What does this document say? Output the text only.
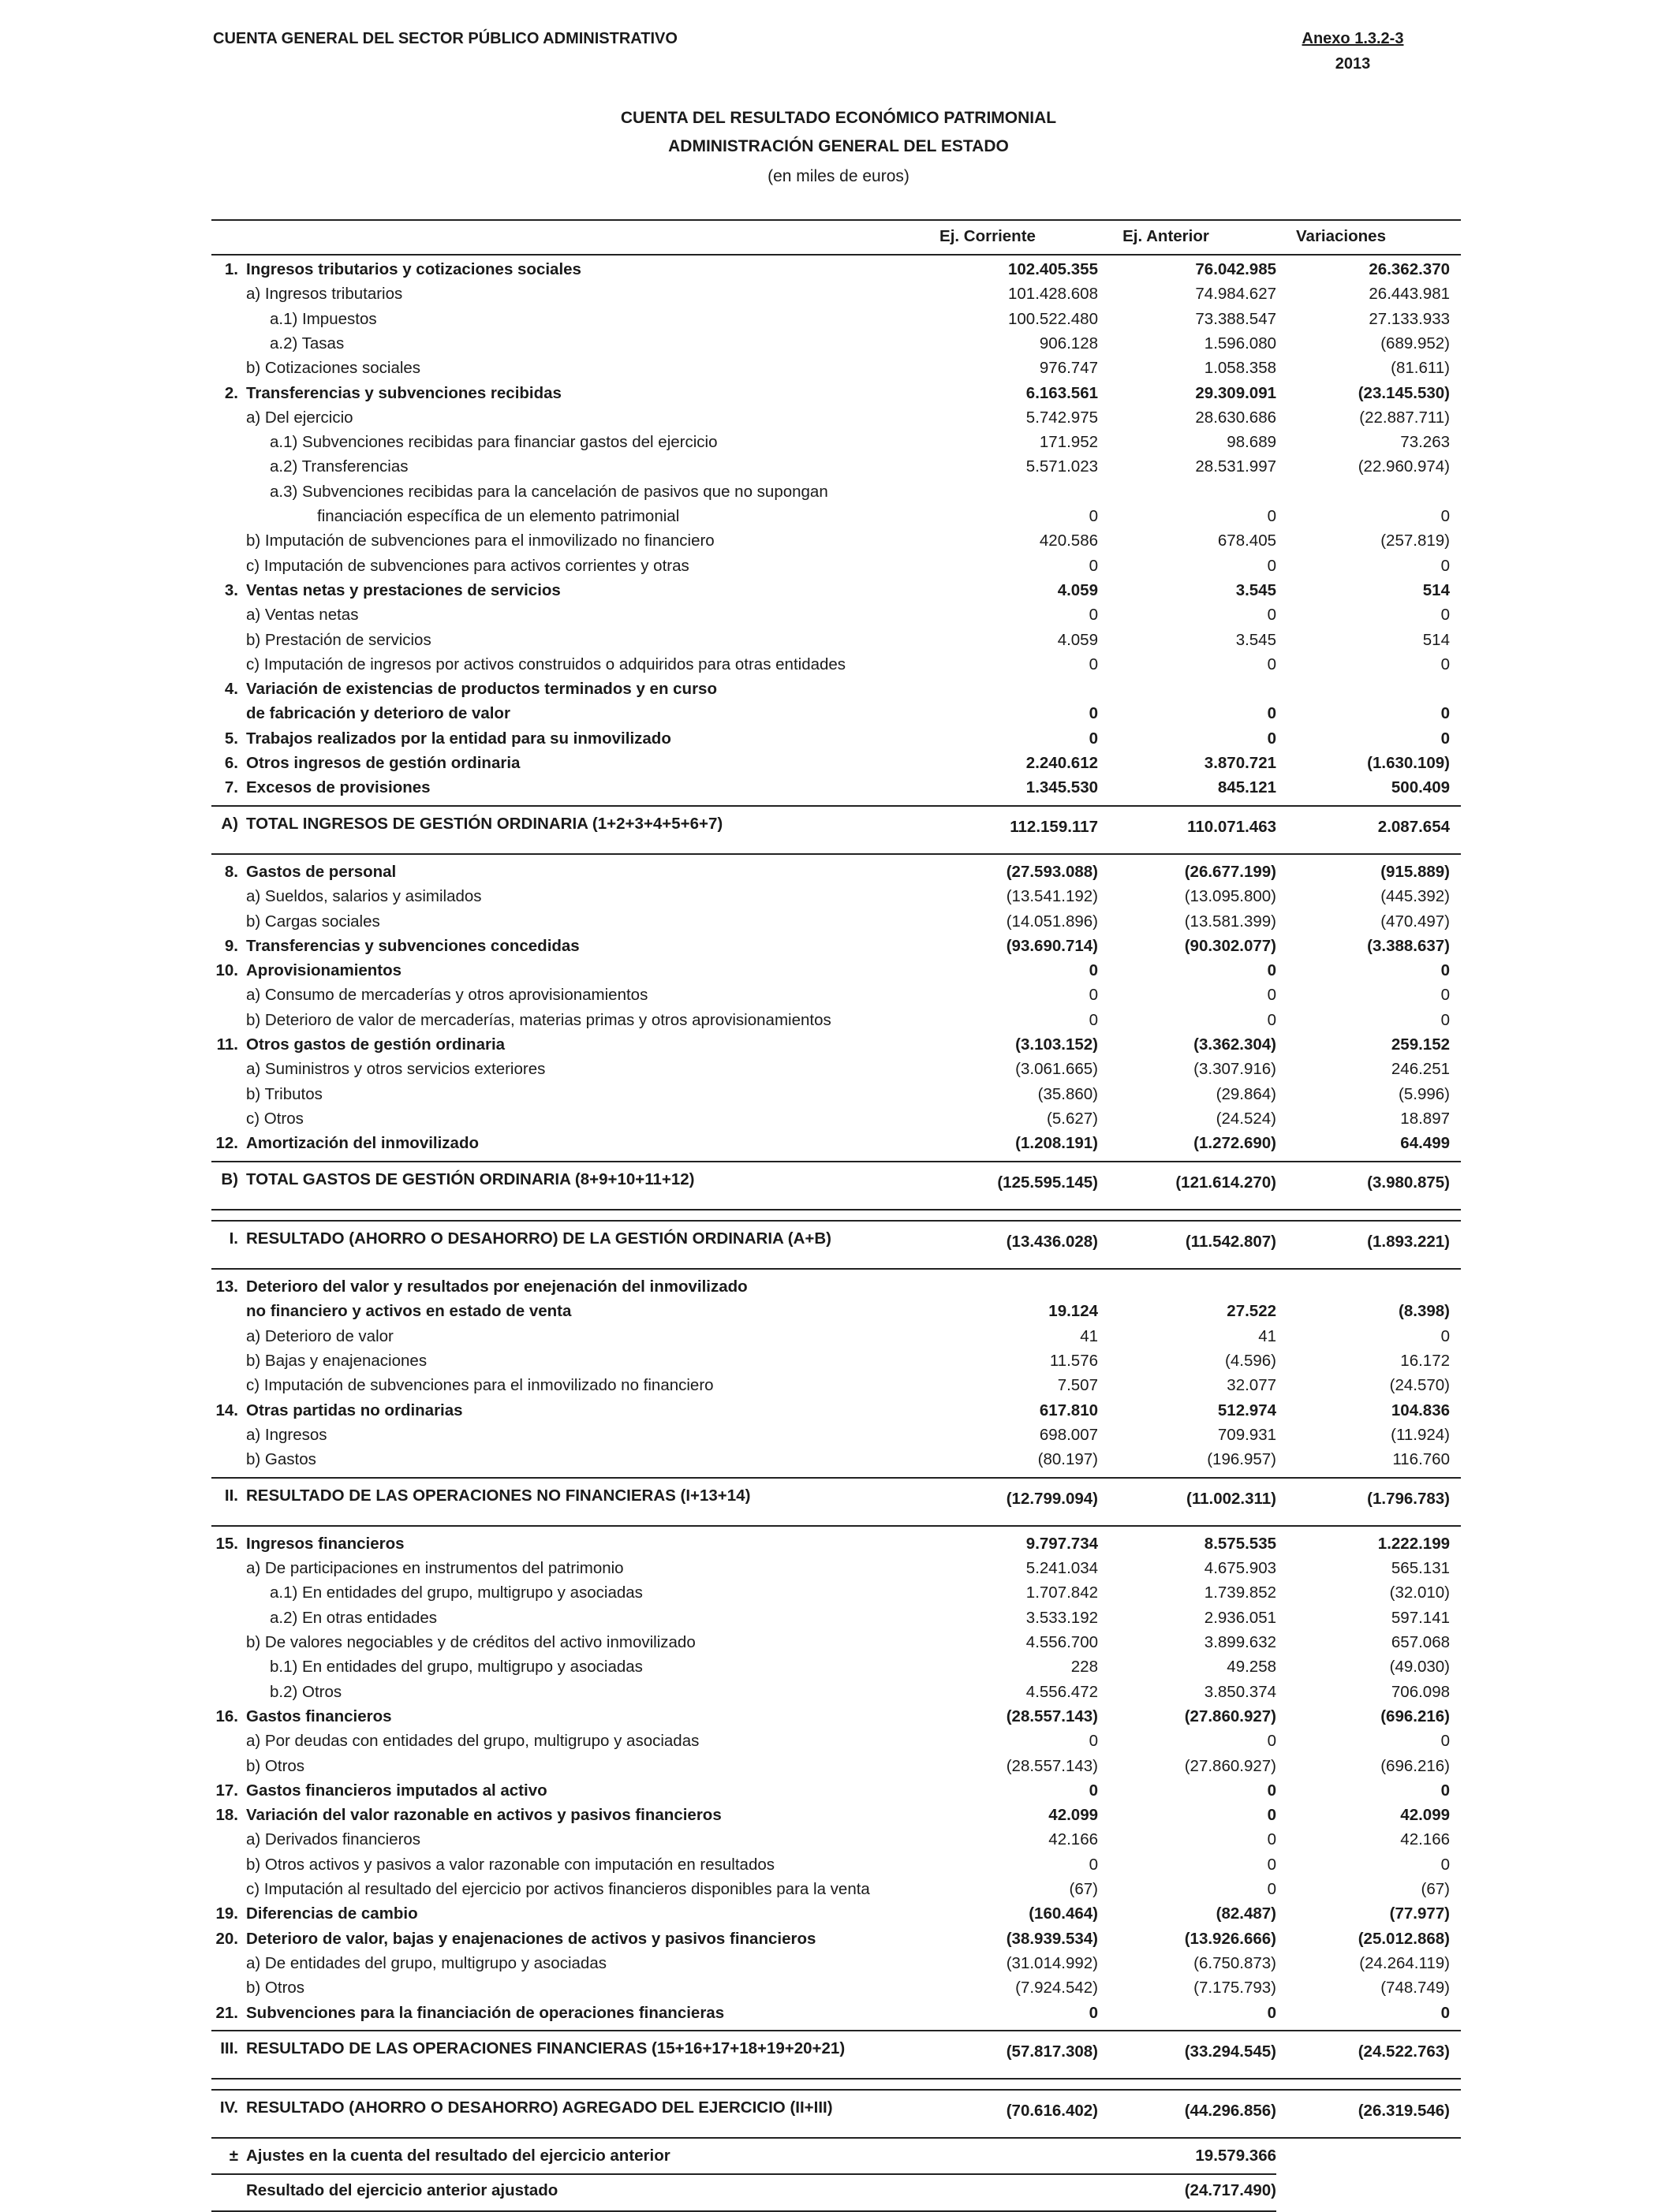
CUENTA GENERAL DEL SECTOR PÚBLICO ADMINISTRATIVO	Anexo 1.3.2-3
2013
CUENTA DEL RESULTADO ECONÓMICO PATRIMONIAL
ADMINISTRACIÓN GENERAL DEL ESTADO
(en miles de euros)
Ej. Corriente	Ej. Anterior	Variaciones
1. Ingresos tributarios y cotizaciones sociales	102.405.355	76.042.985	26.362.370
a) Ingresos tributarios	101.428.608	74.984.627	26.443.981
a.1) Impuestos	100.522.480	73.388.547	27.133.933
a.2) Tasas	906.128	1.596.080	(689.952)
b) Cotizaciones sociales	976.747	1.058.358	(81.611)
2. Transferencias y subvenciones recibidas	6.163.561	29.309.091	(23.145.530)
a) Del ejercicio	5.742.975	28.630.686	(22.887.711)
a.1) Subvenciones recibidas para financiar gastos del ejercicio	171.952	98.689	73.263
a.2) Transferencias	5.571.023	28.531.997	(22.960.974)
a.3) Subvenciones recibidas para la cancelación de pasivos que no supongan
financiación específica de un elemento patrimonial	0	0	0
b) Imputación de subvenciones para el inmovilizado no financiero	420.586	678.405	(257.819)
c) Imputación de subvenciones para activos corrientes y otras	0	0	0
3. Ventas netas y prestaciones de servicios	4.059	3.545	514
a) Ventas netas	0	0	0
b) Prestación de servicios	4.059	3.545	514
c) Imputación de ingresos por activos construidos o adquiridos para otras entidades	0	0	0
4. Variación de existencias de productos terminados y en curso
de fabricación y deterioro de valor	0	0	0
5. Trabajos realizados por la entidad para su inmovilizado	0	0	0
6. Otros ingresos de gestión ordinaria	2.240.612	3.870.721	(1.630.109)
7. Excesos de provisiones	1.345.530	845.121	500.409
A) TOTAL INGRESOS DE GESTIÓN ORDINARIA (1+2+3+4+5+6+7)	112.159.117	110.071.463	2.087.654
8. Gastos de personal	(27.593.088)	(26.677.199)	(915.889)
a) Sueldos, salarios y asimilados	(13.541.192)	(13.095.800)	(445.392)
b) Cargas sociales	(14.051.896)	(13.581.399)	(470.497)
9. Transferencias y subvenciones concedidas	(93.690.714)	(90.302.077)	(3.388.637)
10. Aprovisionamientos	0	0	0
a) Consumo de mercaderías y otros aprovisionamientos	0	0	0
b) Deterioro de valor de mercaderías, materias primas y otros aprovisionamientos	0	0	0
11. Otros gastos de gestión ordinaria	(3.103.152)	(3.362.304)	259.152
a) Suministros y otros servicios exteriores	(3.061.665)	(3.307.916)	246.251
b) Tributos	(35.860)	(29.864)	(5.996)
c) Otros	(5.627)	(24.524)	18.897
12. Amortización del inmovilizado	(1.208.191)	(1.272.690)	64.499
B) TOTAL GASTOS DE GESTIÓN ORDINARIA (8+9+10+11+12)	(125.595.145)	(121.614.270)	(3.980.875)
I. RESULTADO (AHORRO O DESAHORRO) DE LA GESTIÓN ORDINARIA (A+B)	(13.436.028)	(11.542.807)	(1.893.221)
13. Deterioro del valor y resultados por enejenación del inmovilizado
no financiero y activos en estado de venta	19.124	27.522	(8.398)
a) Deterioro de valor	41	41	0
b) Bajas y enajenaciones	11.576	(4.596)	16.172
c) Imputación de subvenciones para el inmovilizado no financiero	7.507	32.077	(24.570)
14. Otras partidas no ordinarias	617.810	512.974	104.836
a) Ingresos	698.007	709.931	(11.924)
b) Gastos	(80.197)	(196.957)	116.760
II. RESULTADO DE LAS OPERACIONES NO FINANCIERAS (I+13+14)	(12.799.094)	(11.002.311)	(1.796.783)
15. Ingresos financieros	9.797.734	8.575.535	1.222.199
a) De participaciones en instrumentos del patrimonio	5.241.034	4.675.903	565.131
a.1) En entidades del grupo, multigrupo y asociadas	1.707.842	1.739.852	(32.010)
a.2) En otras entidades	3.533.192	2.936.051	597.141
b) De valores negociables y de créditos del activo inmovilizado	4.556.700	3.899.632	657.068
b.1) En entidades del grupo, multigrupo y asociadas	228	49.258	(49.030)
b.2) Otros	4.556.472	3.850.374	706.098
16. Gastos financieros	(28.557.143)	(27.860.927)	(696.216)
a) Por deudas con entidades del grupo, multigrupo y asociadas	0	0	0
b) Otros	(28.557.143)	(27.860.927)	(696.216)
17. Gastos financieros imputados al activo	0	0	0
18. Variación del valor razonable en activos y pasivos financieros	42.099	0	42.099
a) Derivados financieros	42.166	0	42.166
b) Otros activos y pasivos a valor razonable con imputación en resultados	0	0	0
c) Imputación al resultado del ejercicio por activos financieros disponibles para la venta	(67)	0	(67)
19. Diferencias de cambio	(160.464)	(82.487)	(77.977)
20. Deterioro de valor, bajas y enajenaciones de activos y pasivos financieros	(38.939.534)	(13.926.666)	(25.012.868)
a) De entidades del grupo, multigrupo y asociadas	(31.014.992)	(6.750.873)	(24.264.119)
b) Otros	(7.924.542)	(7.175.793)	(748.749)
21. Subvenciones para la financiación de operaciones financieras	0	0	0
III. RESULTADO DE LAS OPERACIONES FINANCIERAS (15+16+17+18+19+20+21)	(57.817.308)	(33.294.545)	(24.522.763)
IV. RESULTADO (AHORRO O DESAHORRO) AGREGADO DEL EJERCICIO (II+III)	(70.616.402)	(44.296.856)	(26.319.546)
± Ajustes en la cuenta del resultado del ejercicio anterior	19.579.366
Resultado del ejercicio anterior ajustado	(24.717.490)
